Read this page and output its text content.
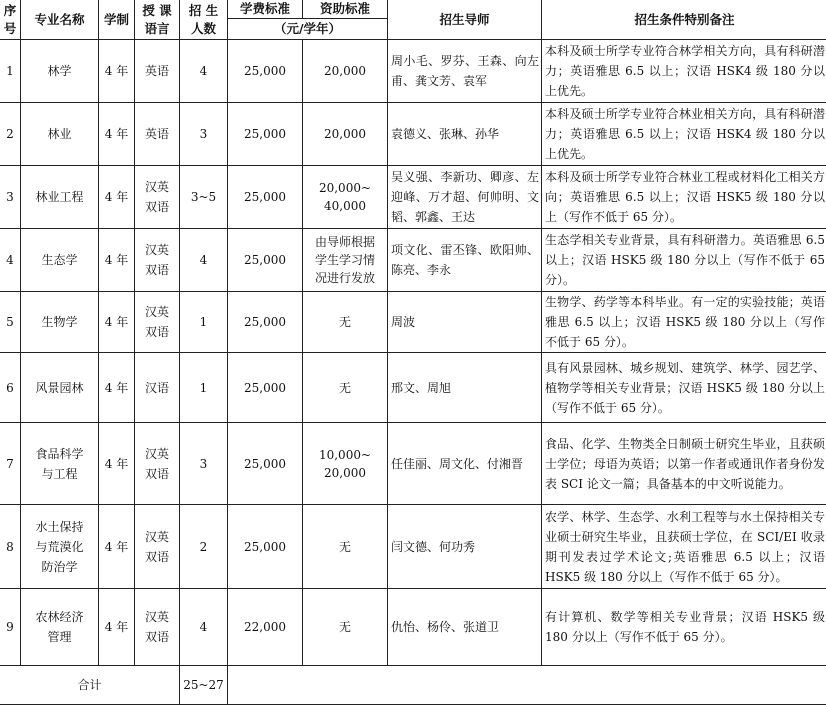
序
号	专业名称	学制	授 课
语言	招 生
人数	学费标准	资助标准	招生导师	招生条件特别备注
					（元/学年）			
1	林学	4 年	英语	4	25,000	20,000	周小毛、罗芬、王森、向左甫、龚文芳、袁军	本科及硕士所学专业符合林学相关方向，具有科研潜力；英语雅思 6.5 以上；汉语 HSK4 级 180 分以上优先。
2	林业	4 年	英语	3	25,000	20,000	袁德义、张琳、孙华	本科及硕士所学专业符合林业相关方向，具有科研潜力；英语雅思 6.5 以上；汉语 HSK4 级 180 分以上优先。
3	林业工程	4 年	汉英
双语	3~5	25,000	20,000~
40,000	吴义强、李新功、卿彦、左迎峰、万才超、何帅明、文韬、郭鑫、王达	本科及硕士所学专业符合林业工程或材料化工相关方向；英语雅思 6.5 以上；汉语 HSK5 级 180 分以上（写作不低于 65 分）。
4	生态学	4 年	汉英
双语	4	25,000	由导师根据
学生学习情
况进行发放	项文化、雷丕锋、欧阳帅、陈亮、李永	生态学相关专业背景，具有科研潜力。英语雅思 6.5 以上；汉语 HSK5 级 180 分以上（写作不低于 65 分）。
5	生物学	4 年	汉英
双语	1	25,000	无	周波	生物学、药学等本科毕业。有一定的实验技能；英语雅思 6.5 以上；汉语 HSK5 级 180 分以上（写作不低于 65 分）。
6	风景园林	4 年	汉语	1	25,000	无	邢文、周旭	具有风景园林、城乡规划、建筑学、林学、园艺学、植物学等相关专业背景；汉语 HSK5 级 180 分以上（写作不低于 65 分）。
7	食品科学
与工程	4 年	汉英
双语	3	25,000	10,000~
20,000	任佳丽、周文化、付湘晋	食品、化学、生物类全日制硕士研究生毕业，且获硕士学位；母语为英语；以第一作者或通讯作者身份发表 SCI 论文一篇；具备基本的中文听说能力。
8	水土保持
与荒漠化
防治学	4 年	汉英
双语	2	25,000	无	闫文德、何功秀	农学、林学、生态学、水利工程等与水土保持相关专业硕士研究生毕业，且获硕士学位，在 SCI/EI 收录期刊发表过学术论文;英语雅思 6.5 以上；汉语 HSK5 级 180 分以上（写作不低于 65 分）。
9	农林经济
管理	4 年	汉英
双语	4	22,000	无	仇怡、杨伶、张道卫	有计算机、数学等相关专业背景；汉语 HSK5 级 180 分以上（写作不低于 65 分）。
合计				25~27				
